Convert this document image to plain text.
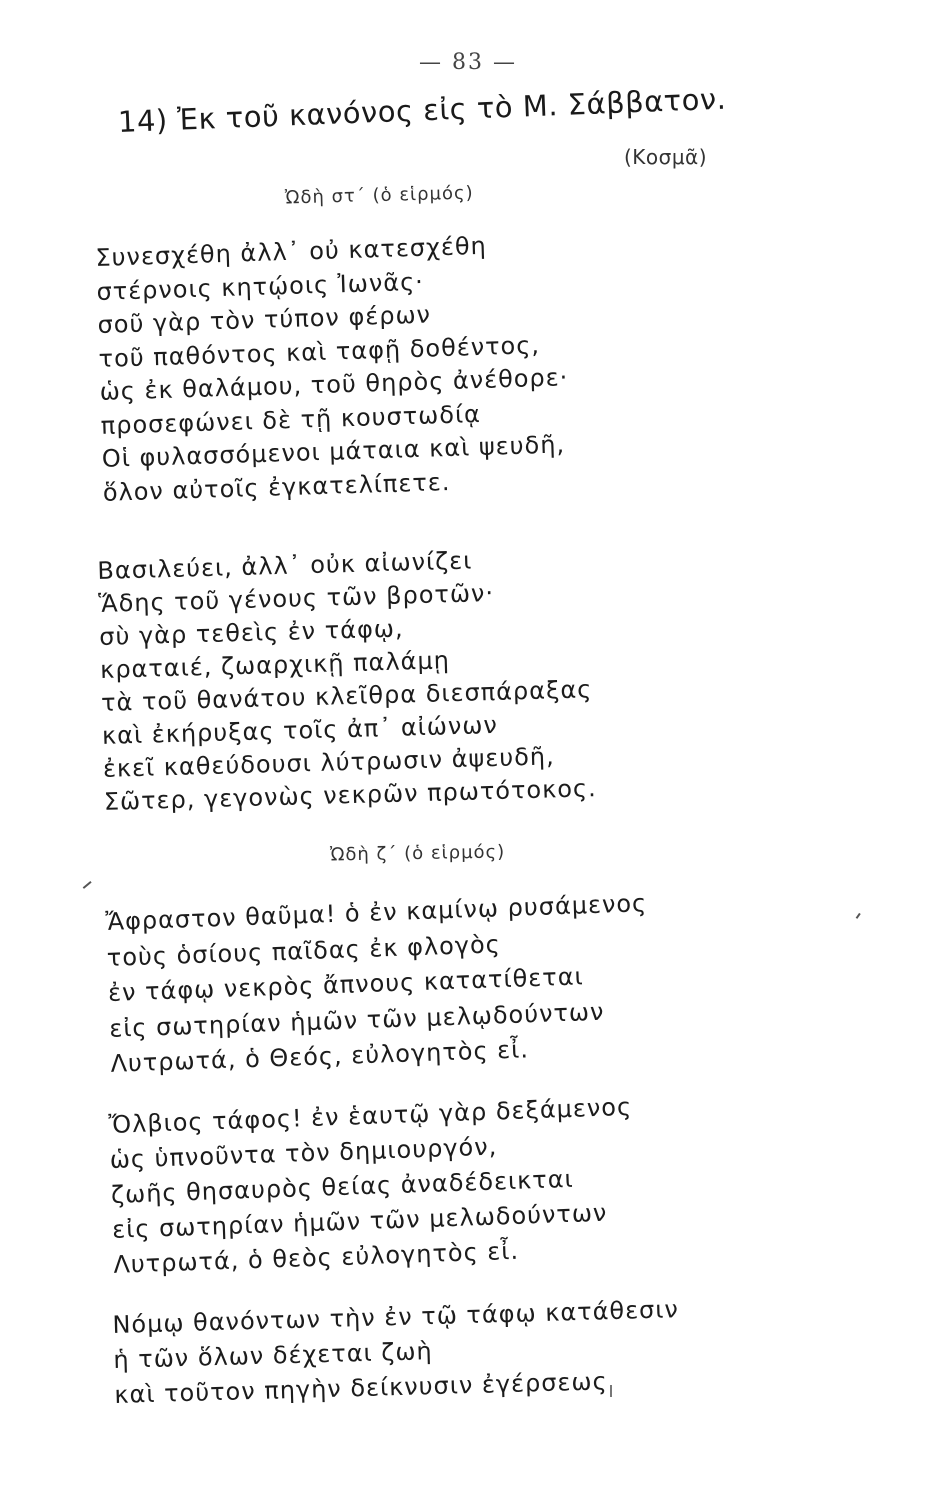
— 83 —
14) Ἐκ τοῦ κανόνος εἰς τὸ Μ. Σάββατον.
(Κοσμᾶ)
Ὠδὴ στ΄ (ὁ εἱρμός)
Συνεσχέθη ἀλλ᾽ οὐ κατεσχέθη
στέρνοις κητῴοις Ἰωνᾶς·
σοῦ γὰρ τὸν τύπον φέρων
τοῦ παθόντος καὶ ταφῇ δοθέντος,
ὡς ἐκ θαλάμου, τοῦ θηρὸς ἀνέθορε·
προσεφώνει δὲ τῇ κουστωδίᾳ
Οἱ φυλασσόμενοι μάταια καὶ ψευδῆ,
ὅλον αὐτοῖς ἐγκατελίπετε.
Βασιλεύει, ἀλλ᾽ οὐκ αἰωνίζει
Ἅδης τοῦ γένους τῶν βροτῶν·
σὺ γὰρ τεθεὶς ἐν τάφῳ,
κραταιέ, ζωαρχικῇ παλάμῃ
τὰ τοῦ θανάτου κλεῖθρα διεσπάραξας
καὶ ἐκήρυξας τοῖς ἀπ᾽ αἰώνων
ἐκεῖ καθεύδουσι λύτρωσιν ἀψευδῆ,
Σῶτερ, γεγονὼς νεκρῶν πρωτότοκος.
Ὠδὴ ζ΄ (ὁ εἱρμός)
Ἄφραστον θαῦμα! ὁ ἐν καμίνῳ ρυσάμενος
τοὺς ὁσίους παῖδας ἐκ φλογὸς
ἐν τάφῳ νεκρὸς ἄπνους κατατίθεται
εἰς σωτηρίαν ἡμῶν τῶν μελῳδούντων
Λυτρωτά, ὁ Θεός, εὐλογητὸς εἶ.
Ὄλβιος τάφος! ἐν ἑαυτῷ γὰρ δεξάμενος
ὡς ὑπνοῦντα τὸν δημιουργόν,
ζωῆς θησαυρὸς θείας ἀναδέδεικται
εἰς σωτηρίαν ἡμῶν τῶν μελωδούντων
Λυτρωτά, ὁ θεὸς εὐλογητὸς εἶ.
Νόμῳ θανόντων τὴν ἐν τῷ τάφῳ κατάθεσιν
ἡ τῶν ὅλων δέχεται ζωὴ
καὶ τοῦτον πηγὴν δείκνυσιν ἐγέρσεως
